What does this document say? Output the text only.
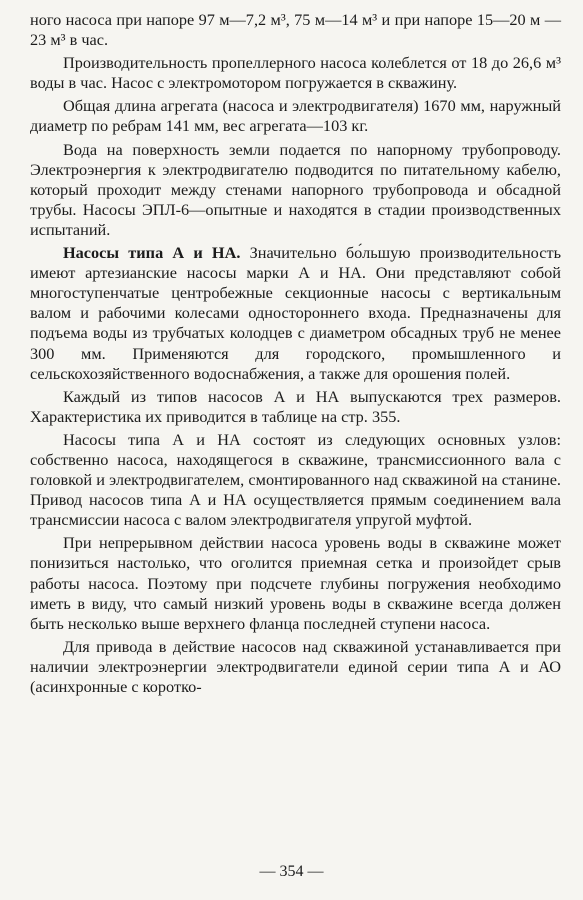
ного насоса при напоре 97 м—7,2 м³, 75 м—14 м³ и при напоре 15—20 м —23 м³ в час.

Производительность пропеллерного насоса колеблется от 18 до 26,6 м³ воды в час. Насос с электромотором погружается в скважину.

Общая длина агрегата (насоса и электродвигателя) 1670 мм, наружный диаметр по ребрам 141 мм, вес агрегата—103 кг.

Вода на поверхность земли подается по напорному трубопроводу. Электроэнергия к электродвигателю подводится по питательному кабелю, который проходит между стенами напорного трубопровода и обсадной трубы. Насосы ЭПЛ-6—опытные и находятся в стадии производственных испытаний.

Насосы типа А и НА. Значительно бо́льшую производительность имеют артезианские насосы марки А и НА. Они представляют собой многоступенчатые центробежные секционные насосы с вертикальным валом и рабочими колесами одностороннего входа. Предназначены для подъема воды из трубчатых колодцев с диаметром обсадных труб не менее 300 мм. Применяются для городского, промышленного и сельскохозяйственного водоснабжения, а также для орошения полей.

Каждый из типов насосов А и НА выпускаются трех размеров. Характеристика их приводится в таблице на стр. 355.

Насосы типа А и НА состоят из следующих основных узлов: собственно насоса, находящегося в скважине, трансмиссионного вала с головкой и электродвигателем, смонтированного над скважиной на станине. Привод насосов типа А и НА осуществляется прямым соединением вала трансмиссии насоса с валом электродвигателя упругой муфтой.

При непрерывном действии насоса уровень воды в скважине может понизиться настолько, что оголится приемная сетка и произойдет срыв работы насоса. Поэтому при подсчете глубины погружения необходимо иметь в виду, что самый низкий уровень воды в скважине всегда должен быть несколько выше верхнего фланца последней ступени насоса.

Для привода в действие насосов над скважиной устанавливается при наличии электроэнергии электродвигатели единой серии типа А и АО (асинхронные с коротко-

— 354 —
